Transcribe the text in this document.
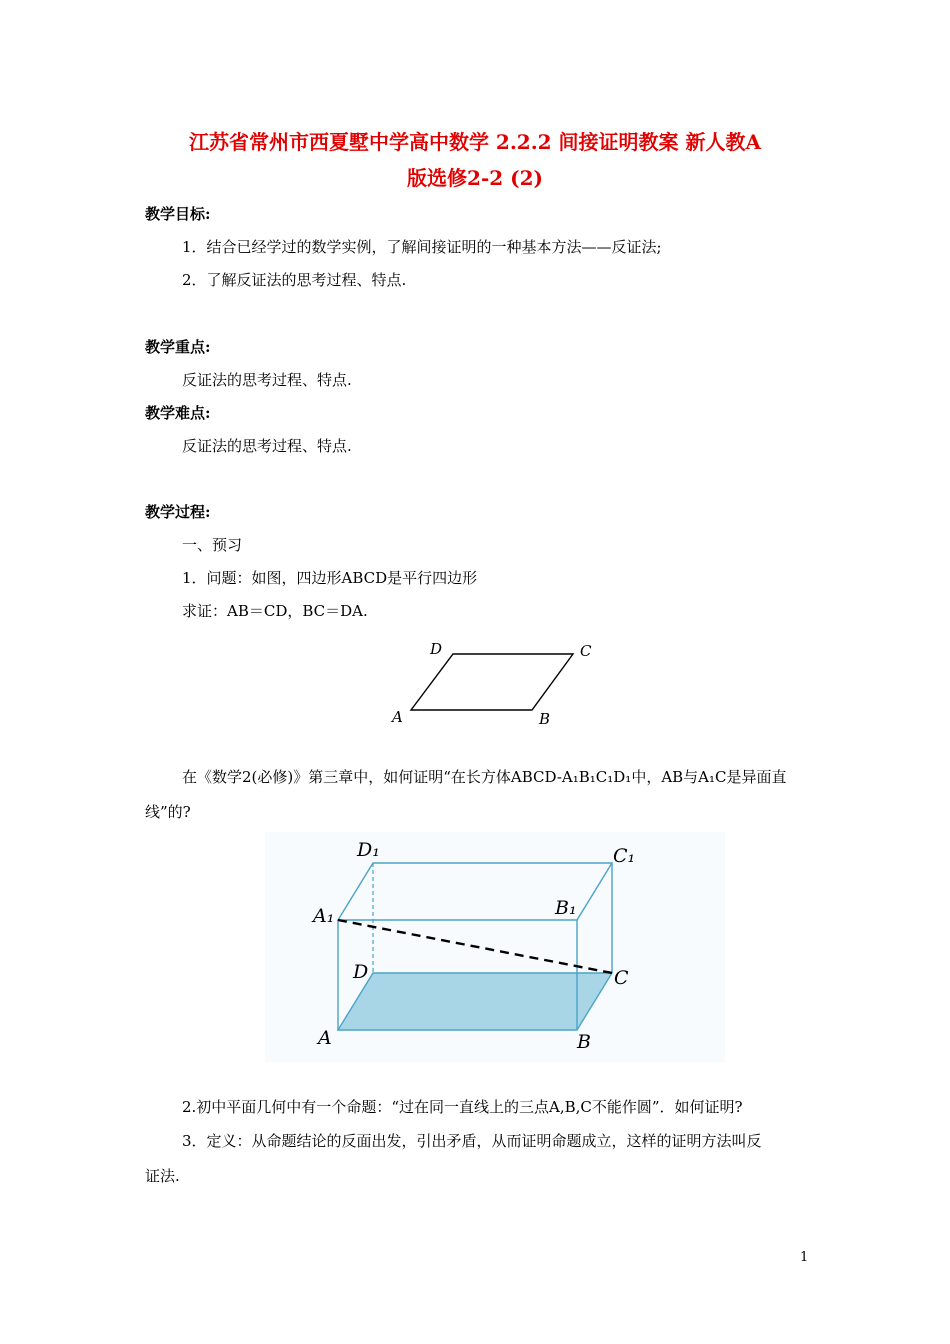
江苏省常州市西夏墅中学高中数学 2.2.2 间接证明教案 新人教A
版选修2-2 (2)
教学目标:
1．结合已经学过的数学实例，了解间接证明的一种基本方法——反证法;
2．了解反证法的思考过程、特点.
教学重点:
反证法的思考过程、特点.
教学难点:
反证法的思考过程、特点.
教学过程:
一、预习
1．问题：如图，四边形ABCD是平行四边形
求证：AB＝CD，BC＝DA.
D	C
A	B
在《数学2(必修)》第三章中，如何证明“在长方体ABCD-A₁B₁C₁D₁中，AB与A₁C是异面直
线”的?
D₁	C₁
A₁	B₁
D	C
A	B
2.初中平面几何中有一个命题：“过在同一直线上的三点A,B,C不能作圆”．如何证明?
3．定义：从命题结论的反面出发，引出矛盾，从而证明命题成立，这样的证明方法叫反
证法.
1
